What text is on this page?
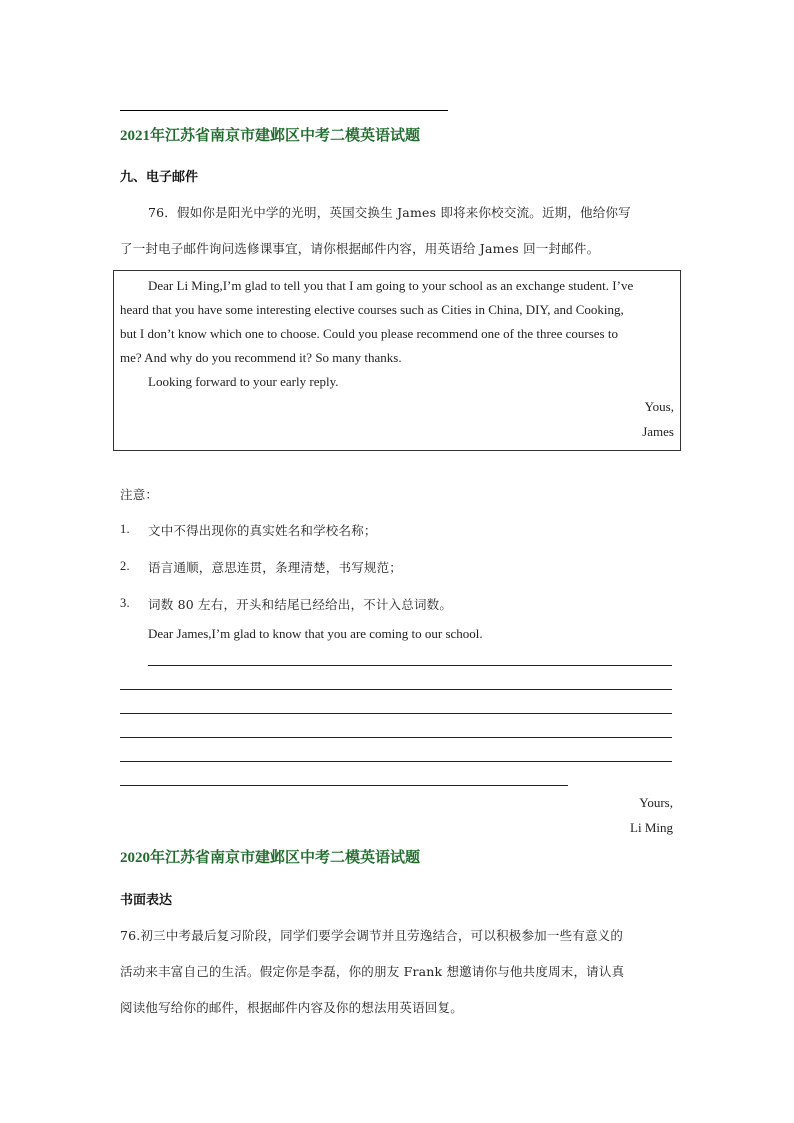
2021年江苏省南京市建邺区中考二模英语试题
九、电子邮件
76．假如你是阳光中学的光明，英国交换生 James 即将来你校交流。近期，他给你写
了一封电子邮件询问选修课事宜，请你根据邮件内容，用英语给 James 回一封邮件。
Dear Li Ming,I’m glad to tell you that I am going to your school as an exchange student. I’ve
heard that you have some interesting elective courses such as Cities in China, DIY, and Cooking,
but I don’t know which one to choose. Could you please recommend one of the three courses to
me? And why do you recommend it? So many thanks.
Looking forward to your early reply.
Yous,
James
注意：
1. 文中不得出现你的真实姓名和学校名称；
2. 语言通顺，意思连贯，条理清楚，书写规范；
3. 词数 80 左右，开头和结尾已经给出，不计入总词数。
Dear James,I’m glad to know that you are coming to our school.
Yours,
Li Ming
2020年江苏省南京市建邺区中考二模英语试题
书面表达
76.初三中考最后复习阶段，同学们要学会调节并且劳逸结合，可以积极参加一些有意义的
活动来丰富自己的生活。假定你是李磊，你的朋友 Frank 想邀请你与他共度周末，请认真
阅读他写给你的邮件，根据邮件内容及你的想法用英语回复。
